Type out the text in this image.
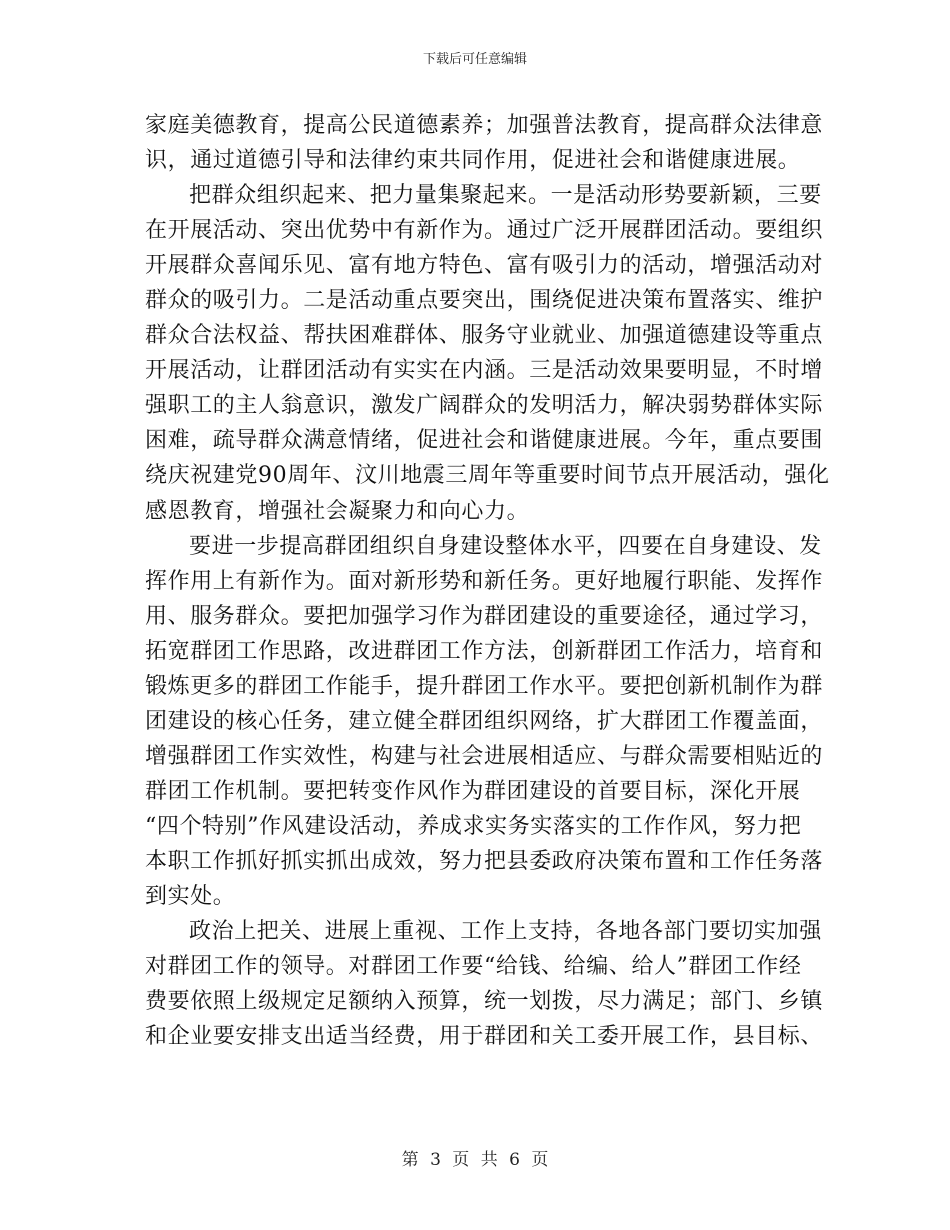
下载后可任意编辑
家庭美德教育，提高公民道德素养；加强普法教育，提高群众法律意
识，通过道德引导和法律约束共同作用，促进社会和谐健康进展。
把群众组织起来、把力量集聚起来。一是活动形势要新颖，三要
在开展活动、突出优势中有新作为。通过广泛开展群团活动。要组织
开展群众喜闻乐见、富有地方特色、富有吸引力的活动，增强活动对
群众的吸引力。二是活动重点要突出，围绕促进决策布置落实、维护
群众合法权益、帮扶困难群体、服务守业就业、加强道德建设等重点
开展活动，让群团活动有实实在内涵。三是活动效果要明显，不时增
强职工的主人翁意识，激发广阔群众的发明活力，解决弱势群体实际
困难，疏导群众满意情绪，促进社会和谐健康进展。今年，重点要围
绕庆祝建党90周年、汶川地震三周年等重要时间节点开展活动，强化
感恩教育，增强社会凝聚力和向心力。
要进一步提高群团组织自身建设整体水平，四要在自身建设、发
挥作用上有新作为。面对新形势和新任务。更好地履行职能、发挥作
用、服务群众。要把加强学习作为群团建设的重要途径，通过学习，
拓宽群团工作思路，改进群团工作方法，创新群团工作活力，培育和
锻炼更多的群团工作能手，提升群团工作水平。要把创新机制作为群
团建设的核心任务，建立健全群团组织网络，扩大群团工作覆盖面，
增强群团工作实效性，构建与社会进展相适应、与群众需要相贴近的
群团工作机制。要把转变作风作为群团建设的首要目标，深化开展
“四个特别”作风建设活动，养成求实务实落实的工作作风，努力把
本职工作抓好抓实抓出成效，努力把县委政府决策布置和工作任务落
到实处。
政治上把关、进展上重视、工作上支持，各地各部门要切实加强
对群团工作的领导。对群团工作要“给钱、给编、给人”群团工作经
费要依照上级规定足额纳入预算，统一划拨，尽力满足；部门、乡镇
和企业要安排支出适当经费，用于群团和关工委开展工作，县目标、
第 3 页 共 6 页
